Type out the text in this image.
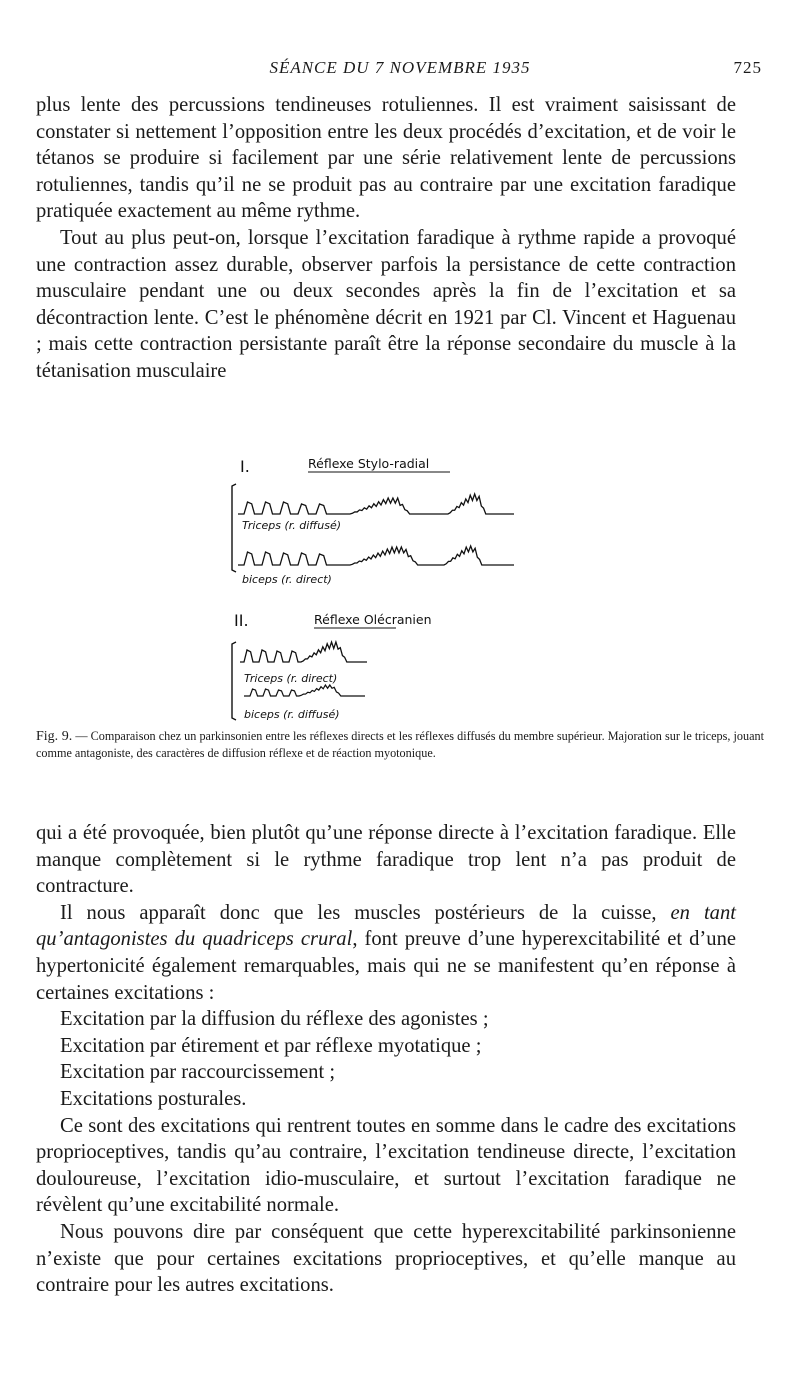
SÉANCE DU 7 NOVEMBRE 1935	725

plus lente des percussions tendineuses rotuliennes. Il est vraiment saisissant de constater si nettement l’opposition entre les deux procédés d’excitation, et de voir le tétanos se produire si facilement par une série relativement lente de percussions rotuliennes, tandis qu’il ne se produit pas au contraire par une excitation faradique pratiquée exactement au même rythme.

Tout au plus peut-on, lorsque l’excitation faradique à rythme rapide a provoqué une contraction assez durable, observer parfois la persistance de cette contraction musculaire pendant une ou deux secondes après la fin de l’excitation et sa décontraction lente. C’est le phénomène décrit en 1921 par Cl. Vincent et Haguenau ; mais cette contraction persistante paraît être la réponse secondaire du muscle à la tétanisation musculaire

I.	Réflexe Stylo-radial
Triceps (r. diffusé)
biceps (r. direct)
II.	Réflexe Olécranien
Triceps (r. direct)
biceps (r. diffusé)
Fig. 9. — Comparaison chez un parkinsonien entre les réflexes directs et les réflexes diffusés du membre supérieur. Majoration sur le triceps, jouant comme antagoniste, des caractères de diffusion réflexe et de réaction myotonique.

qui a été provoquée, bien plutôt qu’une réponse directe à l’excitation faradique. Elle manque complètement si le rythme faradique trop lent n’a pas produit de contracture.

Il nous apparaît donc que les muscles postérieurs de la cuisse, en tant qu’antagonistes du quadriceps crural, font preuve d’une hyperexcitabilité et d’une hypertonicité également remarquables, mais qui ne se manifestent qu’en réponse à certaines excitations :

Excitation par la diffusion du réflexe des agonistes ;

Excitation par étirement et par réflexe myotatique ;

Excitation par raccourcissement ;

Excitations posturales.

Ce sont des excitations qui rentrent toutes en somme dans le cadre des excitations proprioceptives, tandis qu’au contraire, l’excitation tendineuse directe, l’excitation douloureuse, l’excitation idio-musculaire, et surtout l’excitation faradique ne révèlent qu’une excitabilité normale.

Nous pouvons dire par conséquent que cette hyperexcitabilité parkinsonienne n’existe que pour certaines excitations proprioceptives, et qu’elle manque au contraire pour les autres excitations.
